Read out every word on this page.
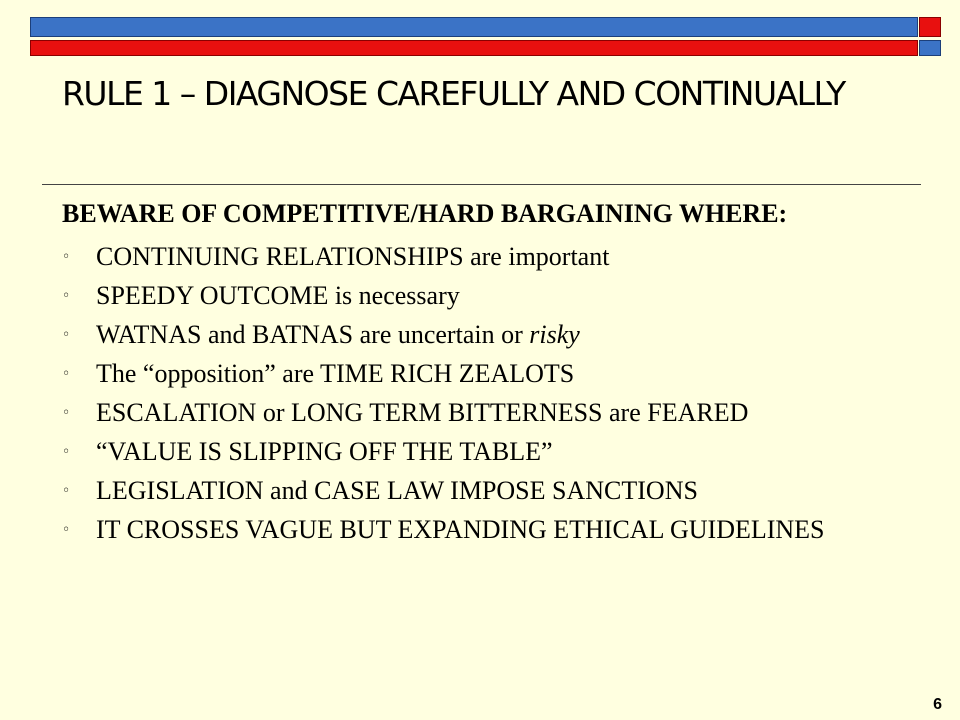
RULE 1 – DIAGNOSE CAREFULLY AND CONTINUALLY

BEWARE OF COMPETITIVE/HARD BARGAINING WHERE:

◦ CONTINUING RELATIONSHIPS are important
◦ SPEEDY OUTCOME is necessary
◦ WATNAS and BATNAS are uncertain or risky
◦ The “opposition” are TIME RICH ZEALOTS
◦ ESCALATION or LONG TERM BITTERNESS are FEARED
◦ “VALUE IS SLIPPING OFF THE TABLE”
◦ LEGISLATION and CASE LAW IMPOSE SANCTIONS
◦ IT CROSSES VAGUE BUT EXPANDING ETHICAL GUIDELINES
6
